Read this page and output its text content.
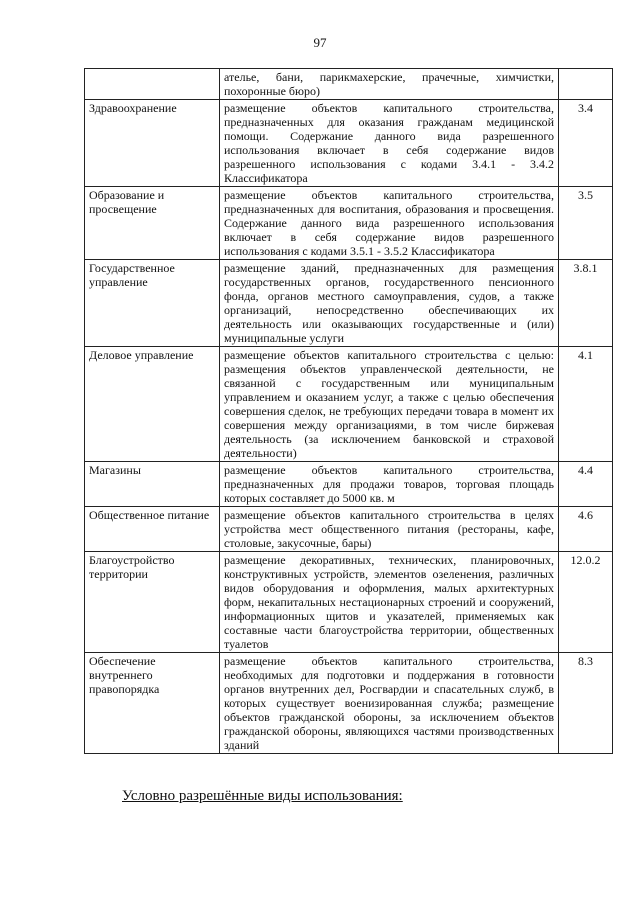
97
	ателье, бани, парикмахерские, прачечные, химчистки, похоронные бюро)	
Здравоохранение	размещение объектов капитального строительства, предназначенных для оказания гражданам медицинской помощи. Содержание данного вида разрешенного использования включает в себя содержание видов разрешенного использования с кодами 3.4.1 - 3.4.2 Классификатора	3.4
Образование и просвещение	размещение объектов капитального строительства, предназначенных для воспитания, образования и просвещения. Содержание данного вида разрешенного использования включает в себя содержание видов разрешенного использования с кодами 3.5.1 - 3.5.2 Классификатора	3.5
Государственное управление	размещение зданий, предназначенных для размещения государственных органов, государственного пенсионного фонда, органов местного самоуправления, судов, а также организаций, непосредственно обеспечивающих их деятельность или оказывающих государственные и (или) муниципальные услуги	3.8.1
Деловое управление	размещение объектов капитального строительства с целью: размещения объектов управленческой деятельности, не связанной с государственным или муниципальным управлением и оказанием услуг, а также с целью обеспечения совершения сделок, не требующих передачи товара в момент их совершения между организациями, в том числе биржевая деятельность (за исключением банковской и страховой деятельности)	4.1
Магазины	размещение объектов капитального строительства, предназначенных для продажи товаров, торговая площадь которых составляет до 5000 кв. м	4.4
Общественное питание	размещение объектов капитального строительства в целях устройства мест общественного питания (рестораны, кафе, столовые, закусочные, бары)	4.6
Благоустройство территории	размещение декоративных, технических, планировочных, конструктивных устройств, элементов озеленения, различных видов оборудования и оформления, малых архитектурных форм, некапитальных нестационарных строений и сооружений, информационных щитов и указателей, применяемых как составные части благоустройства территории, общественных туалетов	12.0.2
Обеспечение внутреннего правопорядка	размещение объектов капитального строительства, необходимых для подготовки и поддержания в готовности органов внутренних дел, Росгвардии и спасательных служб, в которых существует военизированная служба; размещение объектов гражданской обороны, за исключением объектов гражданской обороны, являющихся частями производственных зданий	8.3
Условно разрешённые виды использования:
